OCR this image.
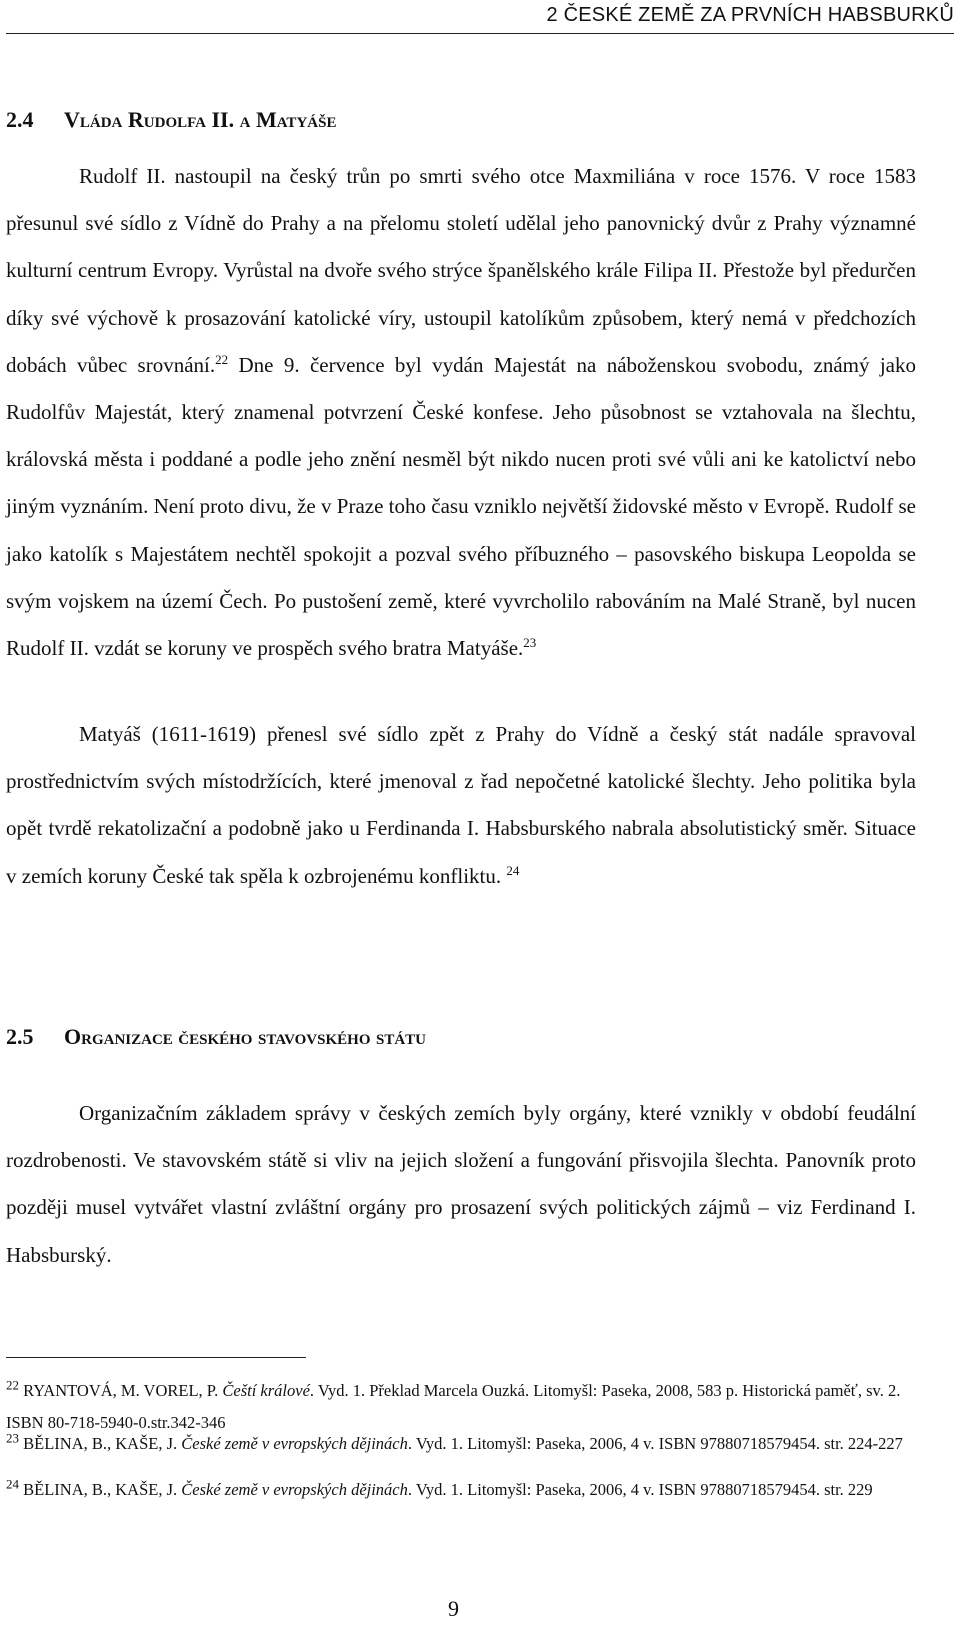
2 ČESKÉ ZEMĚ ZA PRVNÍCH HABSBURKŮ
2.4 Vláda Rudolfa II. a Matyáše

Rudolf II. nastoupil na český trůn po smrti svého otce Maxmiliána v roce 1576. V roce 1583 přesunul své sídlo z Vídně do Prahy a na přelomu století udělal jeho panovnický dvůr z Prahy významné kulturní centrum Evropy. Vyrůstal na dvoře svého strýce španělského krále Filipa II. Přestože byl předurčen díky své výchově k prosazování katolické víry, ustoupil katolíkům způsobem, který nemá v předchozích dobách vůbec srovnání.$^{22}$ Dne 9. července byl vydán Majestát na náboženskou svobodu, známý jako Rudolfův Majestát, který znamenal potvrzení České konfese. Jeho působnost se vztahovala na šlechtu, královská města i poddané a podle jeho znění nesměl být nikdo nucen proti své vůli ani ke katolictví nebo jiným vyznáním. Není proto divu, že v Praze toho času vzniklo největší židovské město v Evropě. Rudolf se jako katolík s Majestátem nechtěl spokojit a pozval svého příbuzného – pasovského biskupa Leopolda se svým vojskem na území Čech. Po pustošení země, které vyvrcholilo rabováním na Malé Straně, byl nucen Rudolf II. vzdát se koruny ve prospěch svého bratra Matyáše.$^{23}$

Matyáš (1611-1619) přenesl své sídlo zpět z Prahy do Vídně a český stát nadále spravoval prostřednictvím svých místodržících, které jmenoval z řad nepočetné katolické šlechty. Jeho politika byla opět tvrdě rekatolizační a podobně jako u Ferdinanda I. Habsburského nabrala absolutistický směr. Situace v zemích koruny České tak spěla k ozbrojenému konfliktu. $^{24}$

2.5 Organizace českého stavovského státu

Organizačním základem správy v českých zemích byly orgány, které vznikly v období feudální rozdrobenosti. Ve stavovském státě si vliv na jejich složení a fungování přisvojila šlechta. Panovník proto později musel vytvářet vlastní zvláštní orgány pro prosazení svých politických zájmů – viz Ferdinand I. Habsburský.

$^{22}$ RYANTOVÁ, M. VOREL, P. Čeští králové. Vyd. 1. Překlad Marcela Ouzká. Litomyšl: Paseka, 2008, 583 p. Historická paměť, sv. 2. ISBN 80-718-5940-0.str.342-346

$^{23}$ BĚLINA, B., KAŠE, J. České země v evropských dějinách. Vyd. 1. Litomyšl: Paseka, 2006, 4 v. ISBN 97880718579454. str. 224-227

$^{24}$ BĚLINA, B., KAŠE, J. České země v evropských dějinách. Vyd. 1. Litomyšl: Paseka, 2006, 4 v. ISBN 97880718579454. str. 229

9
